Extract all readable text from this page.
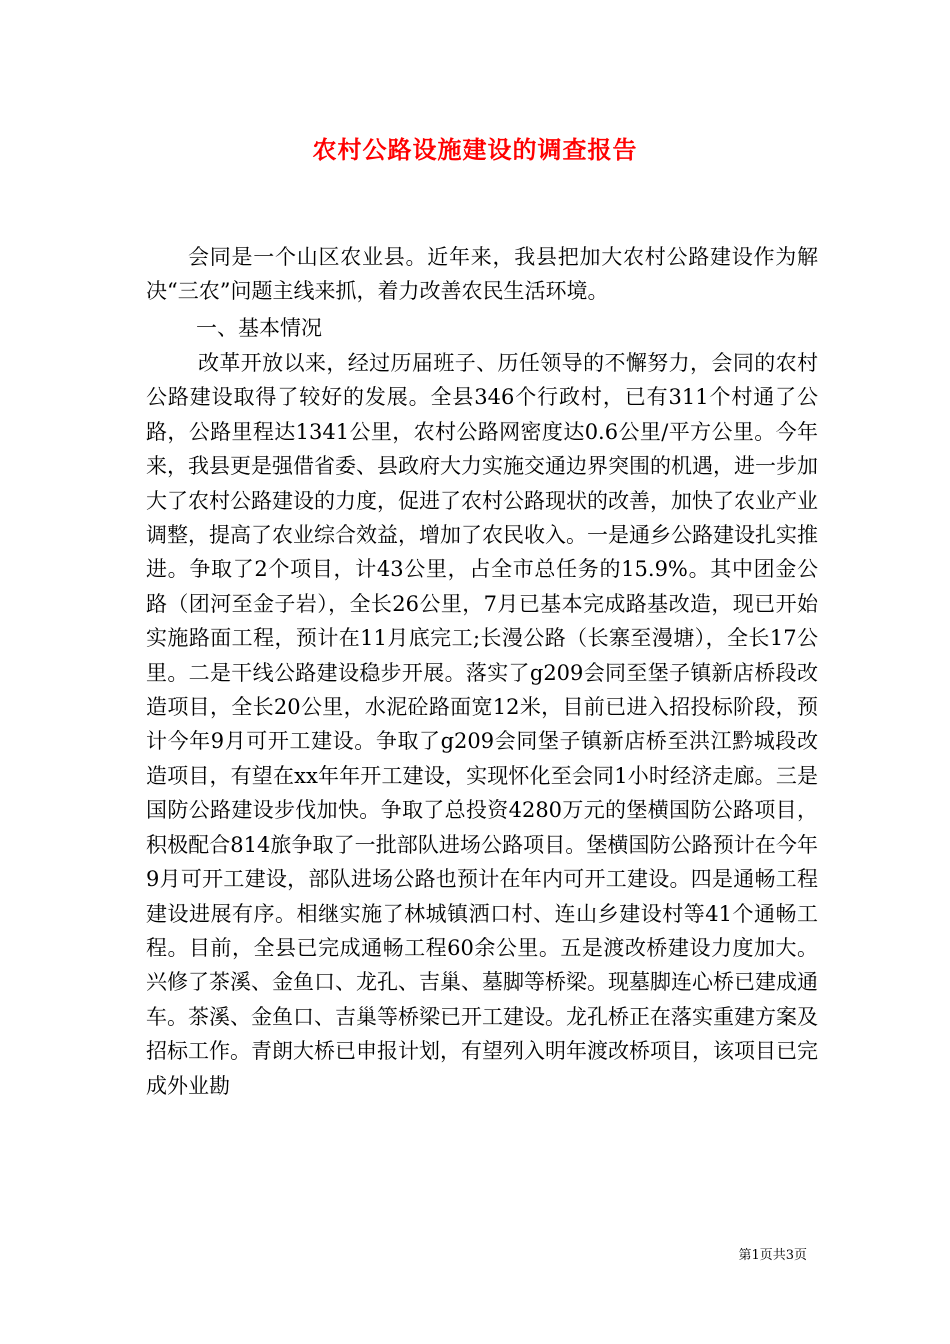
农村公路设施建设的调查报告
会同是一个山区农业县。近年来，我县把加大农村公路建设作为解决“三农”问题主线来抓，着力改善农民生活环境。
一、基本情况
改革开放以来，经过历届班子、历任领导的不懈努力，会同的农村公路建设取得了较好的发展。全县346个行政村，已有311个村通了公路，公路里程达1341公里，农村公路网密度达0.6公里/平方公里。今年来，我县更是强借省委、县政府大力实施交通边界突围的机遇，进一步加大了农村公路建设的力度，促进了农村公路现状的改善，加快了农业产业调整，提高了农业综合效益，增加了农民收入。一是通乡公路建设扎实推进。争取了2个项目，计43公里，占全市总任务的15.9%。其中团金公路（团河至金子岩），全长26公里，7月已基本完成路基改造，现已开始实施路面工程，预计在11月底完工;长漫公路（长寨至漫塘），全长17公里。二是干线公路建设稳步开展。落实了g209会同至堡子镇新店桥段改造项目，全长20公里，水泥砼路面宽12米，目前已进入招投标阶段，预计今年9月可开工建设。争取了g209会同堡子镇新店桥至洪江黔城段改造项目，有望在xx年年开工建设，实现怀化至会同1小时经济走廊。三是国防公路建设步伐加快。争取了总投资4280万元的堡横国防公路项目，积极配合814旅争取了一批部队进场公路项目。堡横国防公路预计在今年9月可开工建设，部队进场公路也预计在年内可开工建设。四是通畅工程建设进展有序。相继实施了林城镇洒口村、连山乡建设村等41个通畅工程。目前，全县已完成通畅工程60余公里。五是渡改桥建设力度加大。兴修了茶溪、金鱼口、龙孔、吉巢、墓脚等桥梁。现墓脚连心桥已建成通车。茶溪、金鱼口、吉巢等桥梁已开工建设。龙孔桥正在落实重建方案及招标工作。青朗大桥已申报计划，有望列入明年渡改桥项目，该项目已完成外业勘
第1页共3页
